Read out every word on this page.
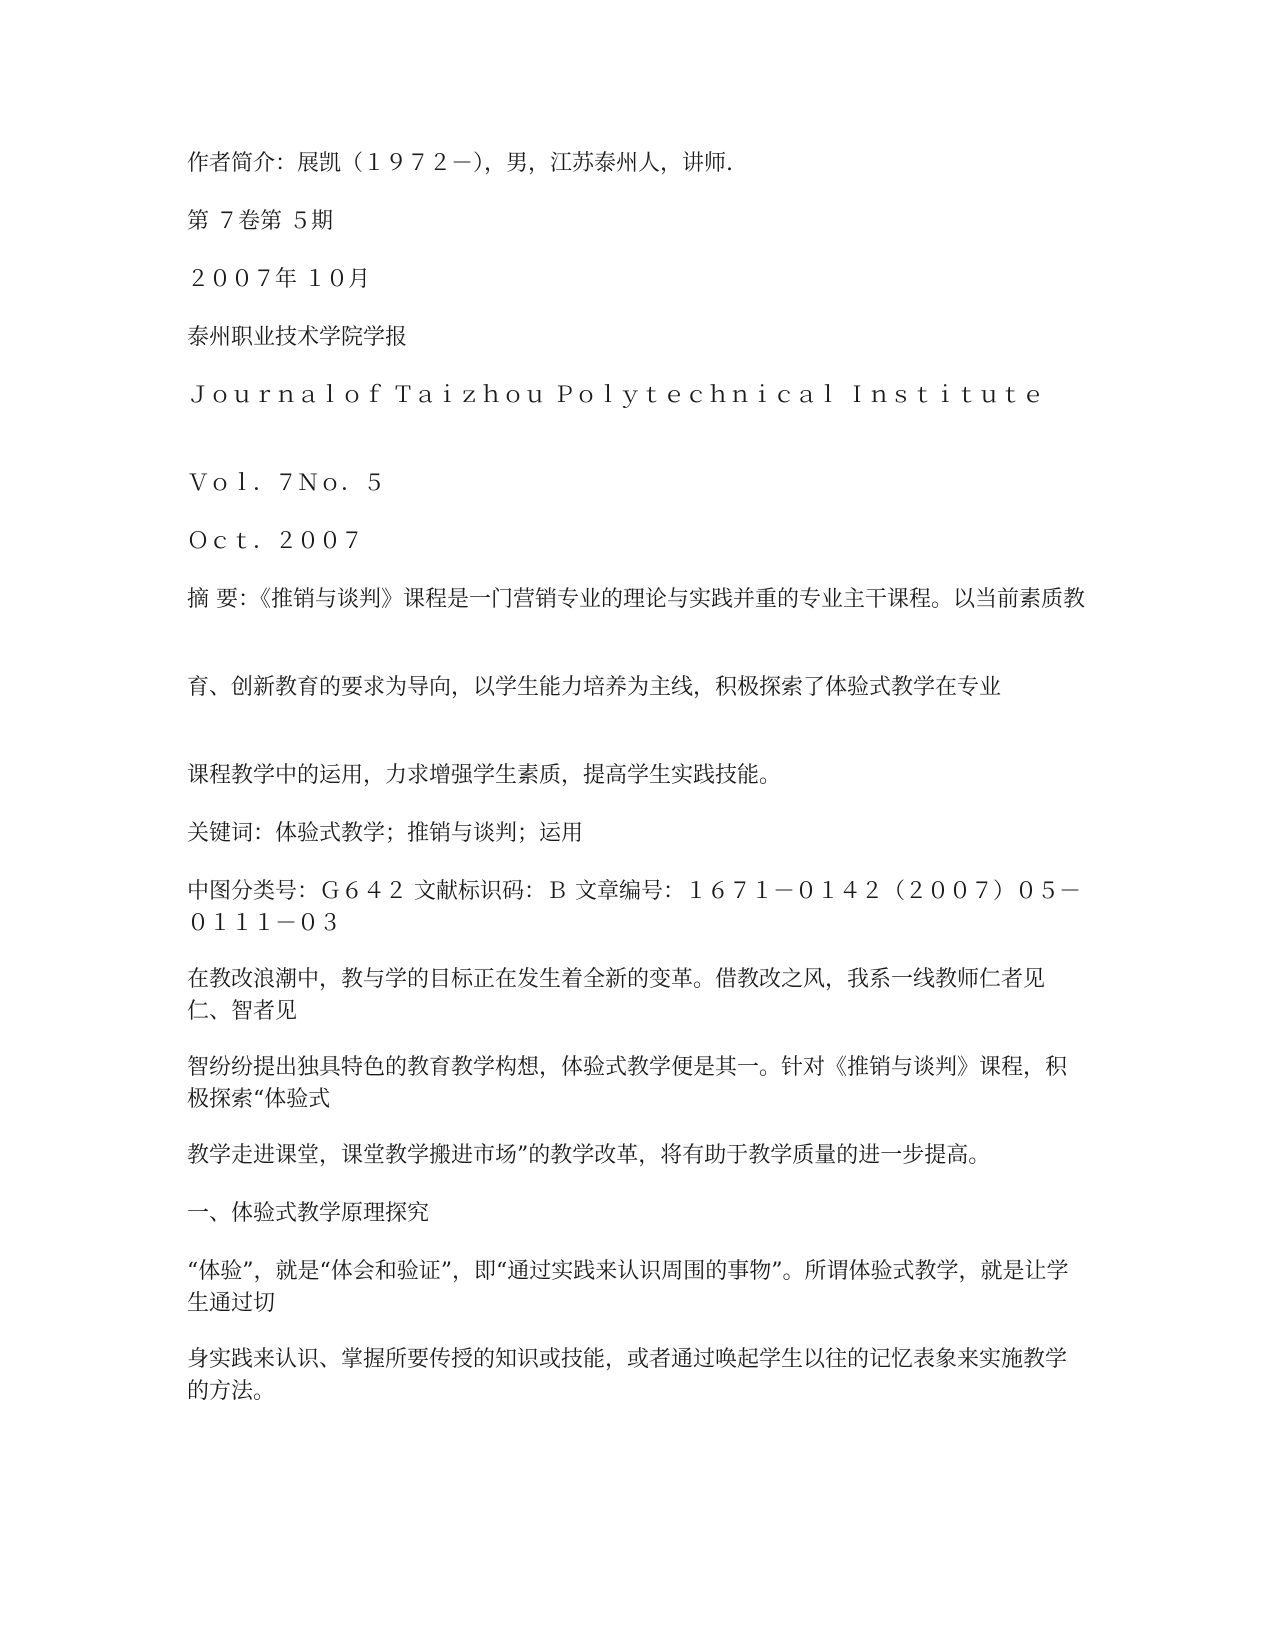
作者简介：展凯（１９７２－），男，江苏泰州人，讲师.

第 ７卷第 ５期

２００７年 １０月

泰州职业技术学院学报

Ｊｏｕｒｎａｌｏｆ Ｔａｉｚｈｏｕ Ｐｏｌｙｔｅｃｈｎｉｃａｌ Ｉｎｓｔｉｔｕｔｅ

Ｖｏｌ．７Ｎｏ．５

Ｏｃｔ．２００７

摘 要：《推销与谈判》课程是一门营销专业的理论与实践并重的专业主干课程。以当前素质教

育、创新教育的要求为导向，以学生能力培养为主线，积极探索了体验式教学在专业

课程教学中的运用，力求增强学生素质，提高学生实践技能。

关键词：体验式教学；推销与谈判；运用

中图分类号：Ｇ６４２ 文献标识码：Ｂ 文章编号：１６７１－０１４２（２００７）０５－０１１１－０３

在教改浪潮中，教与学的目标正在发生着全新的变革。借教改之风，我系一线教师仁者见仁、智者见

智纷纷提出独具特色的教育教学构想，体验式教学便是其一。针对《推销与谈判》课程，积极探索“体验式

教学走进课堂，课堂教学搬进市场”的教学改革，将有助于教学质量的进一步提高。

一、体验式教学原理探究

“体验”，就是“体会和验证”，即“通过实践来认识周围的事物”。所谓体验式教学，就是让学生通过切

身实践来认识、掌握所要传授的知识或技能，或者通过唤起学生以往的记忆表象来实施教学的方法。
